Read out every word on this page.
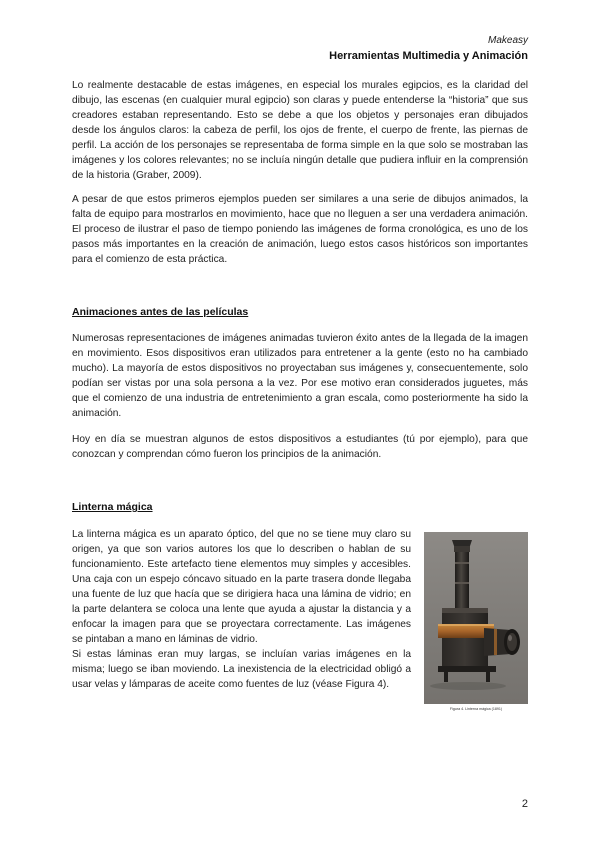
Makeasy
Herramientas Multimedia y Animación

Lo realmente destacable de estas imágenes, en especial los murales egipcios, es la claridad del dibujo, las escenas (en cualquier mural egipcio) son claras y puede entenderse la “historia” que sus creadores estaban representando. Esto se debe a que los objetos y personajes eran dibujados desde los ángulos claros: la cabeza de perfil, los ojos de frente, el cuerpo de frente, las piernas de perfil. La acción de los personajes se representaba de forma simple en la que solo se mostraban las imágenes y los colores relevantes; no se incluía ningún detalle que pudiera influir en la comprensión de la historia (Graber, 2009).

A pesar de que estos primeros ejemplos pueden ser similares a una serie de dibujos animados, la falta de equipo para mostrarlos en movimiento, hace que no lleguen a ser una verdadera animación. El proceso de ilustrar el paso de tiempo poniendo las imágenes de forma cronológica, es uno de los pasos más importantes en la creación de animación, luego estos casos históricos son importantes para el comienzo de esta práctica.

Animaciones antes de las películas

Numerosas representaciones de imágenes animadas tuvieron éxito antes de la llegada de la imagen en movimiento. Esos dispositivos eran utilizados para entretener a la gente (esto no ha cambiado mucho). La mayoría de estos dispositivos no proyectaban sus imágenes y, consecuentemente, solo podían ser vistas por una sola persona a la vez. Por ese motivo eran considerados juguetes, más que el comienzo de una industria de entretenimiento a gran escala, como posteriormente ha sido la animación.

Hoy en día se muestran algunos de estos dispositivos a estudiantes (tú por ejemplo), para que conozcan y comprendan cómo fueron los principios de la animación.

Linterna mágica

La linterna mágica es un aparato óptico, del que no se tiene muy claro su origen, ya que son varios autores los que lo describen o hablan de su funcionamiento. Este artefacto tiene elementos muy simples y accesibles. Una caja con un espejo cóncavo situado en la parte trasera donde llegaba una fuente de luz que hacía que se dirigiera haca una lámina de vidrio; en la parte delantera se coloca una lente que ayuda a ajustar la distancia y a enfocar la imagen para que se proyectara correctamente. Las imágenes se pintaban a mano en láminas de vidrio.

Si estas láminas eran muy largas, se incluían varias imágenes en la misma; luego se iban moviendo. La inexistencia de la electricidad obligó a usar velas y lámparas de aceite como fuentes de luz (véase Figura 4).

Figura 4. Linterna mágica (1891)
2
